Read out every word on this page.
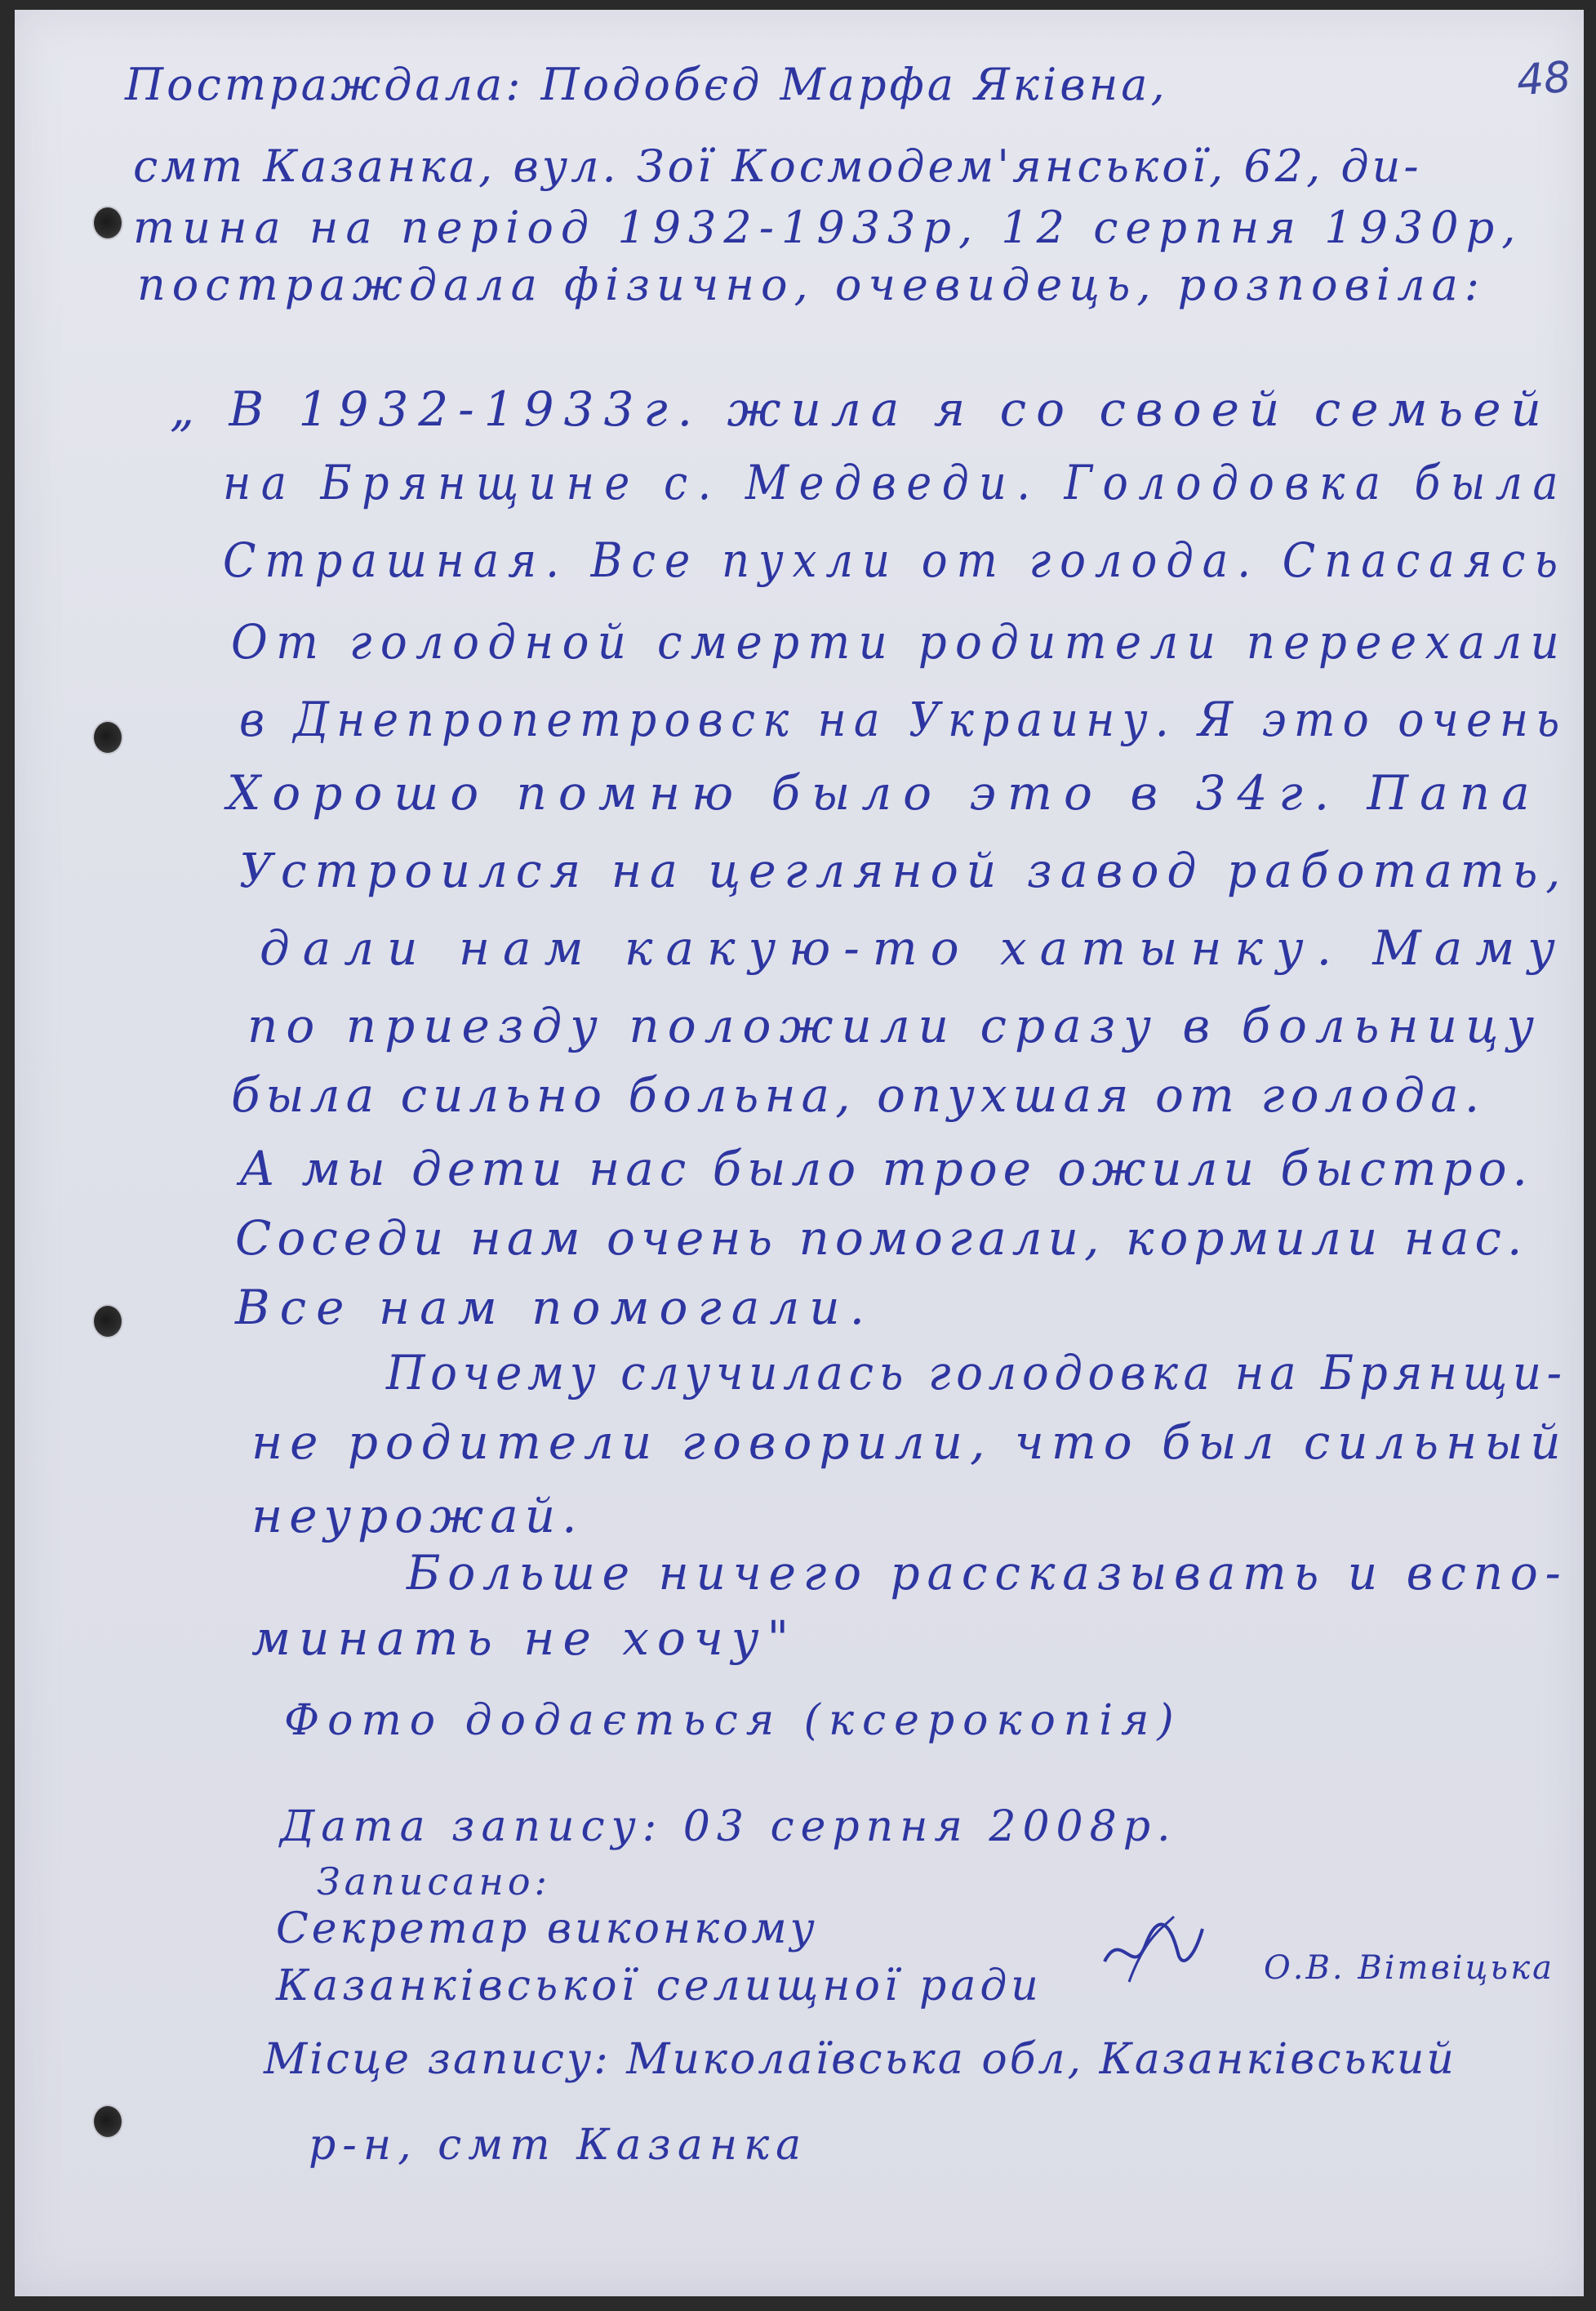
48
Постраждала: Подобєд Марфа Яківна,
смт Казанка, вул. Зої Космодем'янської, 62, ди-
тина на період 1932-1933р, 12 серпня 1930р,
постраждала фізично, очевидець, розповіла:
„ В 1932-1933г. жила я со своей семьей
на Брянщине с. Медведи. Голодовка была
Страшная. Все пухли от голода. Спасаясь
От голодной смерти родители переехали
в Днепропетровск на Украину. Я это очень
Хорошо помню было это в 34г. Папа
Устроился на цегляной завод работать,
дали нам какую-то хатынку. Маму
по приезду положили сразу в больницу
была сильно больна, опухшая от голода.
А мы дети нас было трое ожили быстро.
Соседи нам очень помогали, кормили нас.
Все нам помогали.
Почему случилась голодовка на Брянщи-
не родители говорили, что был сильный
неурожай.
Больше ничего рассказывать и вспо-
минать не хочу"
Фото додається (ксерокопія)
Дата запису: 03 серпня 2008р.
Записано:
Секретар виконкому
Казанківської селищної ради	О.В. Вітвіцька
Місце запису: Миколаївська обл, Казанківський
р-н, смт Казанка
